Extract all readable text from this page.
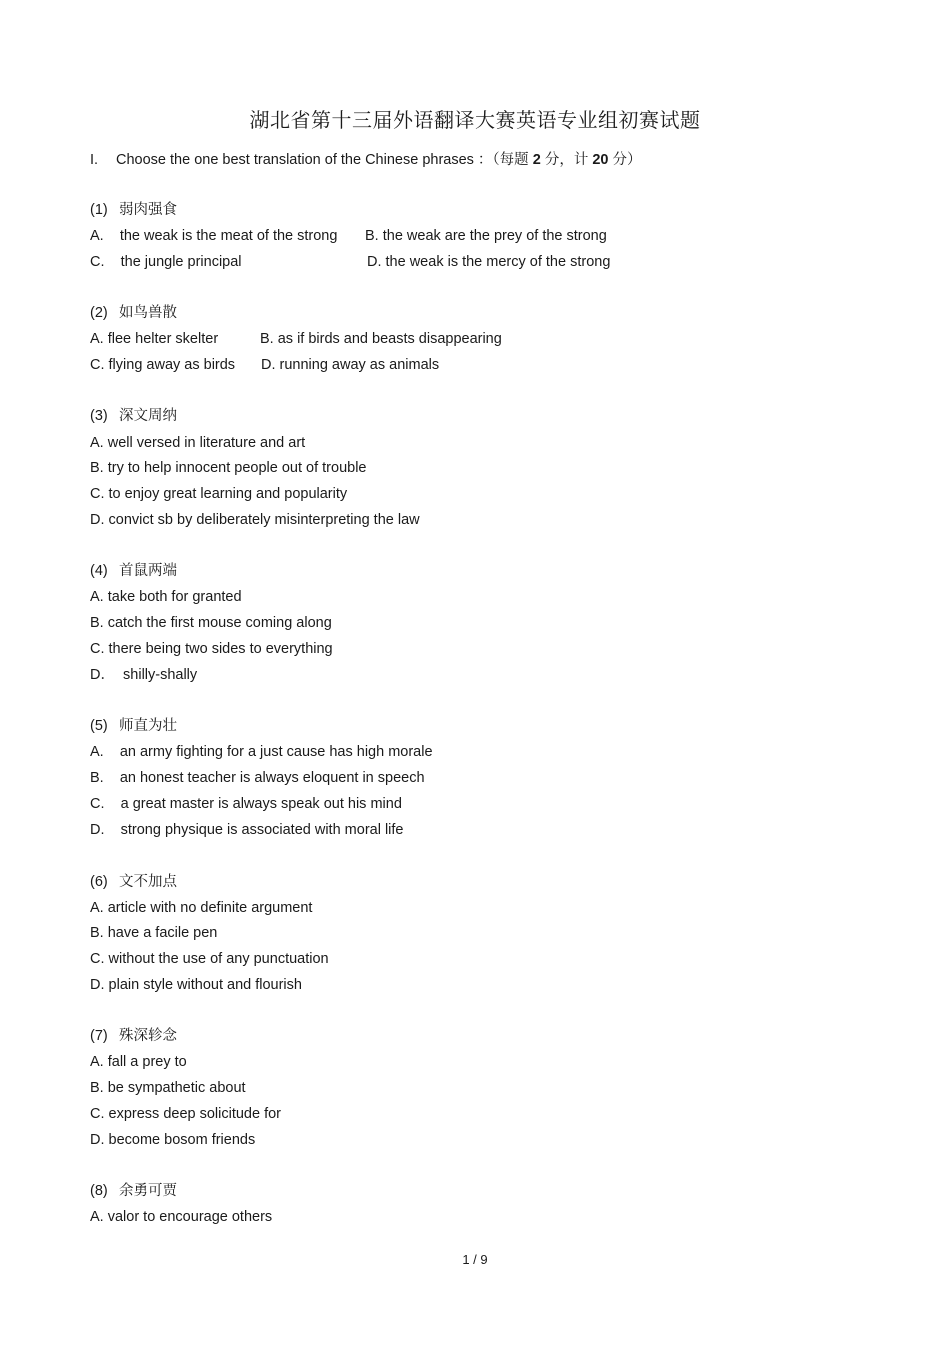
湖北省第十三届外语翻译大赛英语专业组初赛试题
I. Choose the one best translation of the Chinese phrases ：（每题 2 分，计 20 分）
(1) 弱肉强食
A.    the weak is the meat of the strong B. the weak are the prey of the strong
C.    the jungle principal	D. the weak is the mercy of the strong
(2) 如鸟兽散
A. flee helter skelter	B. as if birds and beasts disappearing
C. flying away as birds D. running away as animals
(3) 深文周纳
A. well versed in literature and art
B. try to help innocent people out of trouble
C. to enjoy great learning and popularity
D. convict sb by deliberately misinterpreting the law
(4) 首鼠两端
A. take both for granted
B. catch the first mouse coming along
C. there being two sides to everything
D．  shilly-shally
(5) 师直为壮
A.    an army fighting for a just cause has high morale
B.    an honest teacher is always eloquent in speech
C.    a great master is always speak out his mind
D.    strong physique is associated with moral life
(6) 文不加点
A. article with no definite argument
B. have a facile pen
C. without the use of any punctuation
D. plain style without and flourish
(7) 殊深轸念
A. fall a prey to
B. be sympathetic about
C. express deep solicitude for
D. become bosom friends
(8) 余勇可贾
A. valor to encourage others
1 / 9
